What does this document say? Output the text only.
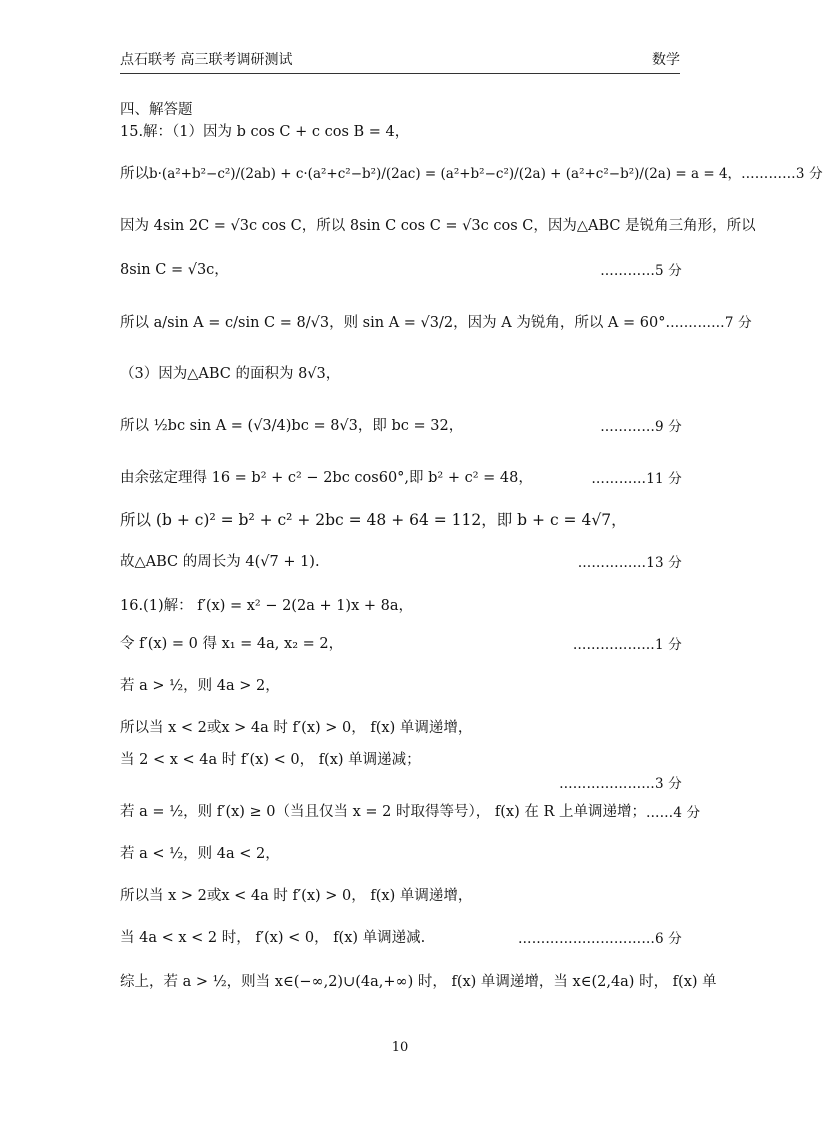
点石联考 高三联考调研测试	数学
四、解答题
15.解：（1）因为 b cos C + c cos B = 4，
所以 b·(a²+b²−c²)/(2ab) + c·(a²+c²−b²)/(2ac) = (a²+b²−c²)/(2a) + (a²+c²−b²)/(2a) = a = 4， …………3 分
因为 4sin 2C = √3c cos C，所以 8sin C cos C = √3c cos C，因为△ABC 是锐角三角形，所以
8sin C = √3c，	…………5 分
所以 a/sin A = c/sin C = 8/√3，则 sin A = √3/2，因为 A 为锐角，所以 A = 60°. …………7 分
（3）因为△ABC 的面积为 8√3，
所以 ½bc sin A = (√3/4)bc = 8√3，即 bc = 32，	…………9 分
由余弦定理得 16 = b² + c² − 2bc cos60°,即 b² + c² = 48，	…………11 分
所以 (b + c)² = b² + c² + 2bc = 48 + 64 = 112，即 b + c = 4√7，
故△ABC 的周长为 4(√7 + 1).	……………13 分
16.(1)解： f′(x) = x² − 2(2a + 1)x + 8a，
令 f′(x) = 0 得 x₁ = 4a, x₂ = 2，	………………1 分
若 a > ½，则 4a > 2，
所以当 x < 2或x > 4a 时 f′(x) > 0， f(x) 单调递增，
当 2 < x < 4a 时 f′(x) < 0， f(x) 单调递减；
…………………3 分
若 a = ½，则 f′(x) ≥ 0（当且仅当 x = 2 时取得等号）， f(x) 在 R 上单调递增； ……4 分
若 a < ½，则 4a < 2，
所以当 x > 2或x < 4a 时 f′(x) > 0， f(x) 单调递增，
当 4a < x < 2 时， f′(x) < 0， f(x) 单调递减.	…………………………6 分
综上，若 a > ½，则当 x∈(−∞,2)∪(4a,+∞) 时， f(x) 单调递增，当 x∈(2,4a) 时， f(x) 单
10
